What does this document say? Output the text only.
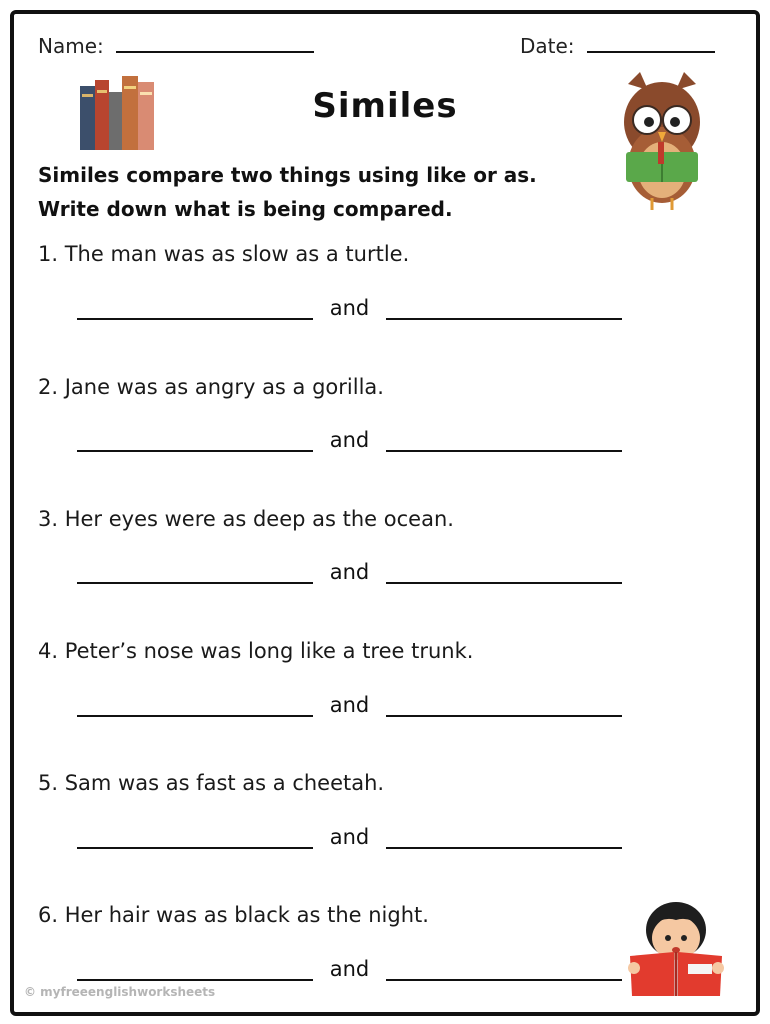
Name:	Date:
Similes
Similes compare two things using like or as.
Write down what is being compared.
1. The man was as slow as a turtle.
and
2. Jane was as angry as a gorilla.
and
3. Her eyes were as deep as the ocean.
and
4. Peter’s nose was long like a tree trunk.
and
5. Sam was as fast as a cheetah.
and
6. Her hair was as black as the night.
and
© myfreeenglishworksheets
